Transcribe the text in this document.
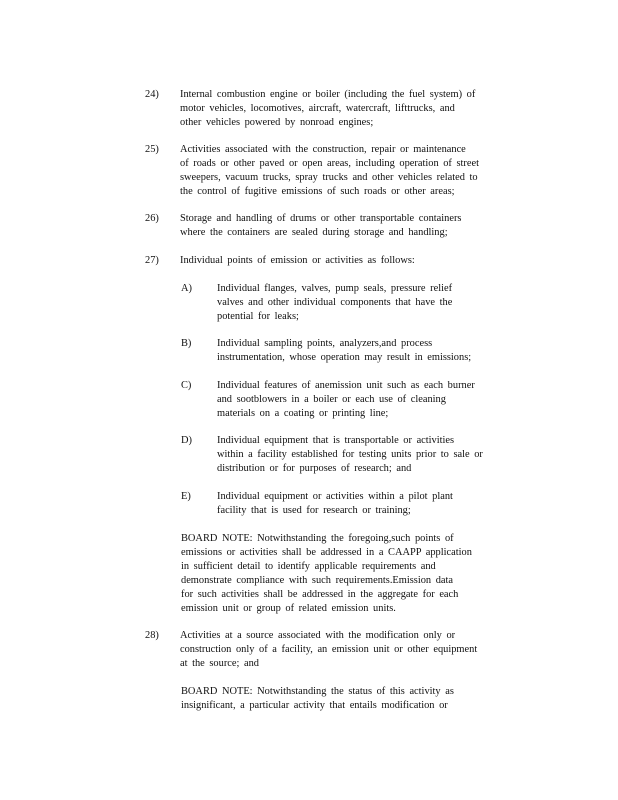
24)	Internal combustion engine or boiler (including the fuel system) of
motor vehicles, locomotives, aircraft, watercraft, lifttrucks, and
other vehicles powered by nonroad engines;
25)	Activities associated with the construction, repair or maintenance
of roads or other paved or open areas, including operation of street
sweepers, vacuum trucks, spray trucks and other vehicles related to
the control of fugitive emissions of such roads or other areas;
26)	Storage and handling of drums or other transportable containers
where the containers are sealed during storage and handling;
27)	Individual points of emission or activities as follows:
A)	Individual flanges, valves, pump seals, pressure relief
valves and other individual components that have the
potential for leaks;
B)	Individual sampling points, analyzers,and process
instrumentation, whose operation may result in emissions;
C)	Individual features of anemission unit such as each burner
and sootblowers in a boiler or each use of cleaning
materials on a coating or printing line;
D)	Individual equipment that is transportable or activities
within a facility established for testing units prior to sale or
distribution or for purposes of research; and
E)	Individual equipment or activities within a pilot plant
facility that is used for research or training;
BOARD NOTE: Notwithstanding the foregoing,such points of
emissions or activities shall be addressed in a CAAPP application
in sufficient detail to identify applicable requirements and
demonstrate compliance with such requirements.Emission data
for such activities shall be addressed in the aggregate for each
emission unit or group of related emission units.
28)	Activities at a source associated with the modification only or
construction only of a facility, an emission unit or other equipment
at the source; and
BOARD NOTE: Notwithstanding the status of this activity as
insignificant, a particular activity that entails modification or
